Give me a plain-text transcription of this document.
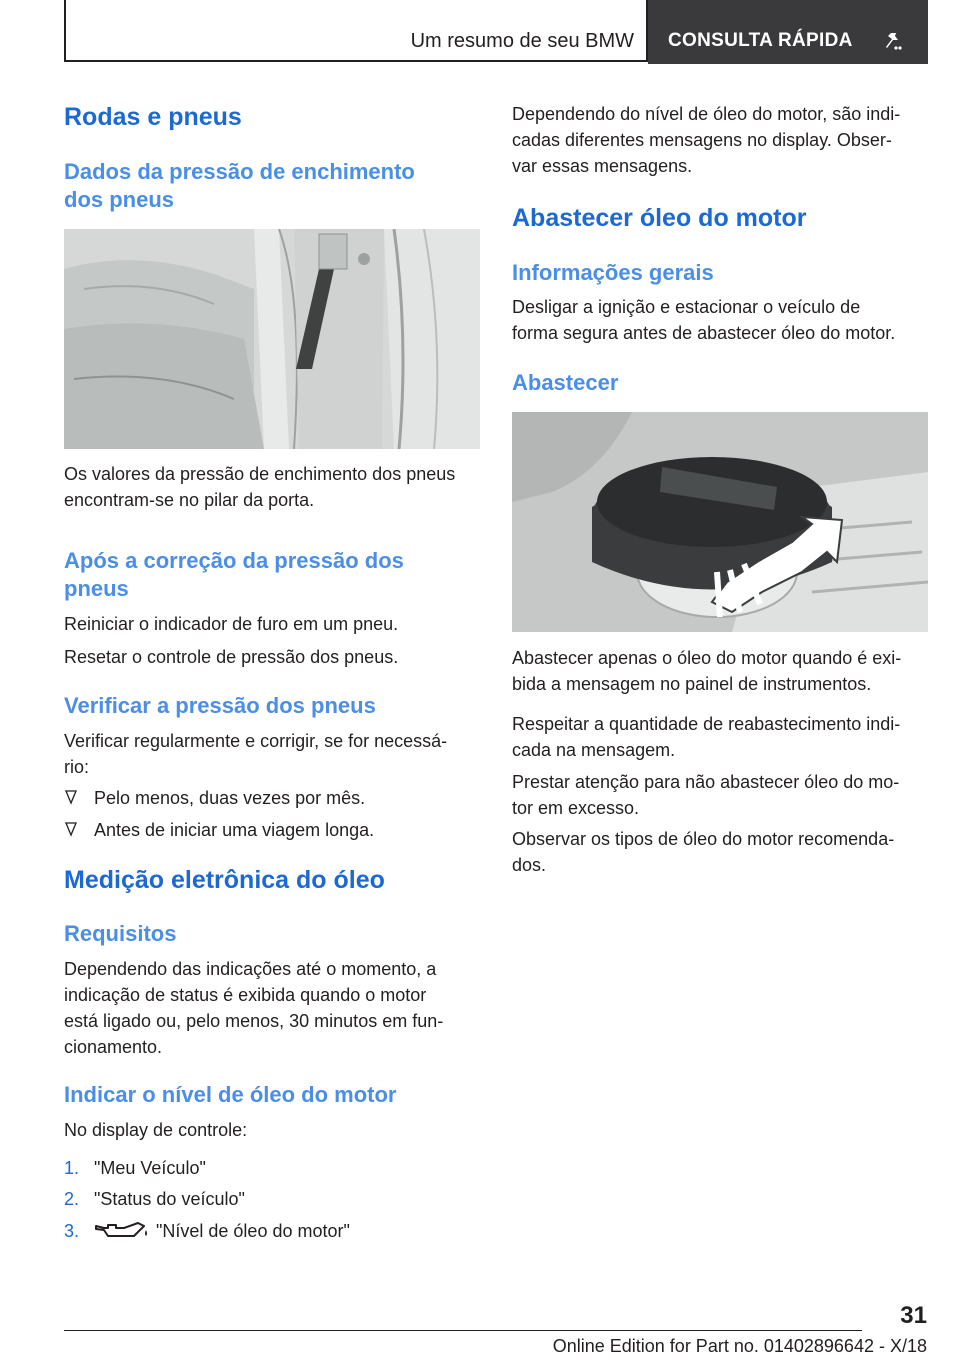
Um resumo de seu BMW CONSULTA RÁPIDA
Rodas e pneus
Dados da pressão de enchimento
dos pneus

Os valores da pressão de enchimento dos pneus

encontram-se no pilar da porta.

Após a correção da pressão dos
pneus

Reiniciar o indicador de furo em um pneu.

Resetar o controle de pressão dos pneus.

Verificar a pressão dos pneus

Verificar regularmente e corrigir, se for necessá-

rio:

Pelo menos, duas vezes por mês.
Antes de iniciar uma viagem longa.
Medição eletrônica do óleo
Requisitos

Dependendo das indicações até o momento, a

indicação de status é exibida quando o motor

está ligado ou, pelo menos, 30 minutos em fun-

cionamento.

Indicar o nível de óleo do motor

No display de controle:

1. "Meu Veículo"
2. "Status do veículo"
3.	"Nível de óleo do motor"

Dependendo do nível de óleo do motor, são indi-

cadas diferentes mensagens no display. Obser-

var essas mensagens.

Abastecer óleo do motor
Informações gerais

Desligar a ignição e estacionar o veículo de

forma segura antes de abastecer óleo do motor.

Abastecer

Abastecer apenas o óleo do motor quando é exi-

bida a mensagem no painel de instrumentos.

Respeitar a quantidade de reabastecimento indi-

cada na mensagem.

Prestar atenção para não abastecer óleo do mo-

tor em excesso.

Observar os tipos de óleo do motor recomenda-

dos.

31
Online Edition for Part no. 01402896642 - X/18
